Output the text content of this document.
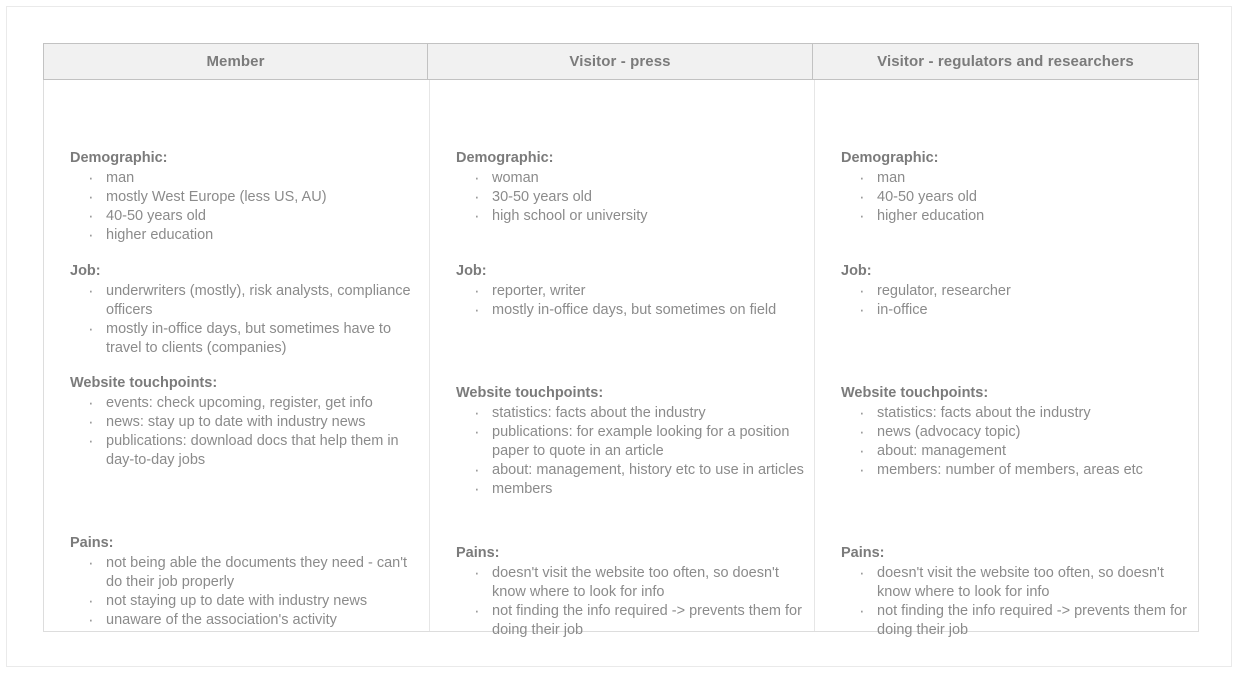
Member	Visitor - press	Visitor - regulators and researchers
Demographic:
· man
· mostly West Europe (less US, AU)
· 40-50 years old
· higher education
Job:
· underwriters (mostly), risk analysts, compliance officers
· mostly in-office days, but sometimes have to travel to clients (companies)
Website touchpoints:
· events: check upcoming, register, get info
· news: stay up to date with industry news
· publications: download docs that help them in day-to-day jobs
Pains:
· not being able the documents they need - can't do their job properly
· not staying up to date with industry news
· unaware of the association's activity
Demographic:
· woman
· 30-50 years old
· high school or university
Job:
· reporter, writer
· mostly in-office days, but sometimes on field
Website touchpoints:
· statistics: facts about the industry
· publications: for example looking for a position paper to quote in an article
· about: management, history etc to use in articles
· members
Pains:
· doesn't visit the website too often, so doesn't know where to look for info
· not finding the info required -> prevents them for doing their job
Demographic:
· man
· 40-50 years old
· higher education
Job:
· regulator, researcher
· in-office
Website touchpoints:
· statistics: facts about the industry
· news (advocacy topic)
· about: management
· members: number of members, areas etc
Pains:
· doesn't visit the website too often, so doesn't know where to look for info
· not finding the info required -> prevents them for doing their job
